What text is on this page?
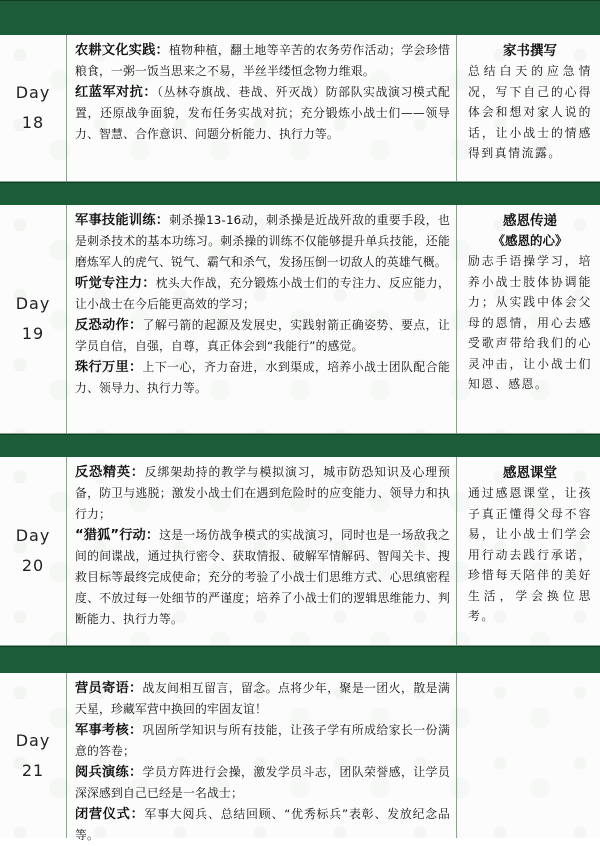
Day
18

农耕文化实践：植物种植，翻土地等辛苦的农务劳作活动；学会珍惜粮食，一粥一饭当思来之不易，半丝半缕恒念物力维艰。

红蓝军对抗：（丛林夺旗战、巷战、歼灭战）防部队实战演习模式配置，还原战争面貌，发布任务实战对抗；充分锻炼小战士们——领导力、智慧、合作意识、问题分析能力、执行力等。

家书撰写

总结白天的应急情况，写下自己的心得体会和想对家人说的话，让小战士的情感得到真情流露。

Day
19

军事技能训练：刺杀操13-16动，刺杀操是近战歼敌的重要手段，也是刺杀技术的基本功练习。刺杀操的训练不仅能够提升单兵技能，还能磨炼军人的虎气、锐气、霸气和杀气，发扬压倒一切敌人的英雄气概。

听觉专注力：枕头大作战，充分锻炼小战士们的专注力、反应能力，让小战士在今后能更高效的学习；

反恐动作：了解弓箭的起源及发展史，实践射箭正确姿势、要点，让学员自信，自强，自尊，真正体会到“我能行”的感觉。

珠行万里：上下一心，齐力奋进，水到渠成，培养小战士团队配合能力、领导力、执行力等。

感恩传递

《感恩的心》

励志手语操学习，培养小战士肢体协调能力；从实践中体会父母的恩情，用心去感受歌声带给我们的心灵冲击，让小战士们知恩、感恩。

Day
20

反恐精英：反绑架劫持的教学与模拟演习，城市防恐知识及心理预备，防卫与逃脱；激发小战士们在遇到危险时的应变能力、领导力和执行力；

“猎狐”行动：这是一场仿战争模式的实战演习，同时也是一场敌我之间的间谍战，通过执行密令、获取情报、破解军情解码、智闯关卡、搜救目标等最终完成使命；充分的考验了小战士们思维方式、心思缜密程度、不放过每一处细节的严谨度；培养了小战士们的逻辑思维能力、判断能力、执行力等。

感恩课堂

通过感恩课堂，让孩子真正懂得父母不容易，让小战士们学会用行动去践行承诺，珍惜每天陪伴的美好生活，学会换位思考。

Day
21

营员寄语：战友间相互留言，留念。点将少年，聚是一团火，散是满天星，珍藏军营中换回的牢固友谊！

军事考核：巩固所学知识与所有技能，让孩子学有所成给家长一份满意的答卷；

阅兵演练：学员方阵进行会操，激发学员斗志，团队荣誉感，让学员深深感到自己已经是一名战士；

闭营仪式：军事大阅兵、总结回顾、“优秀标兵”表彰、发放纪念品等。
